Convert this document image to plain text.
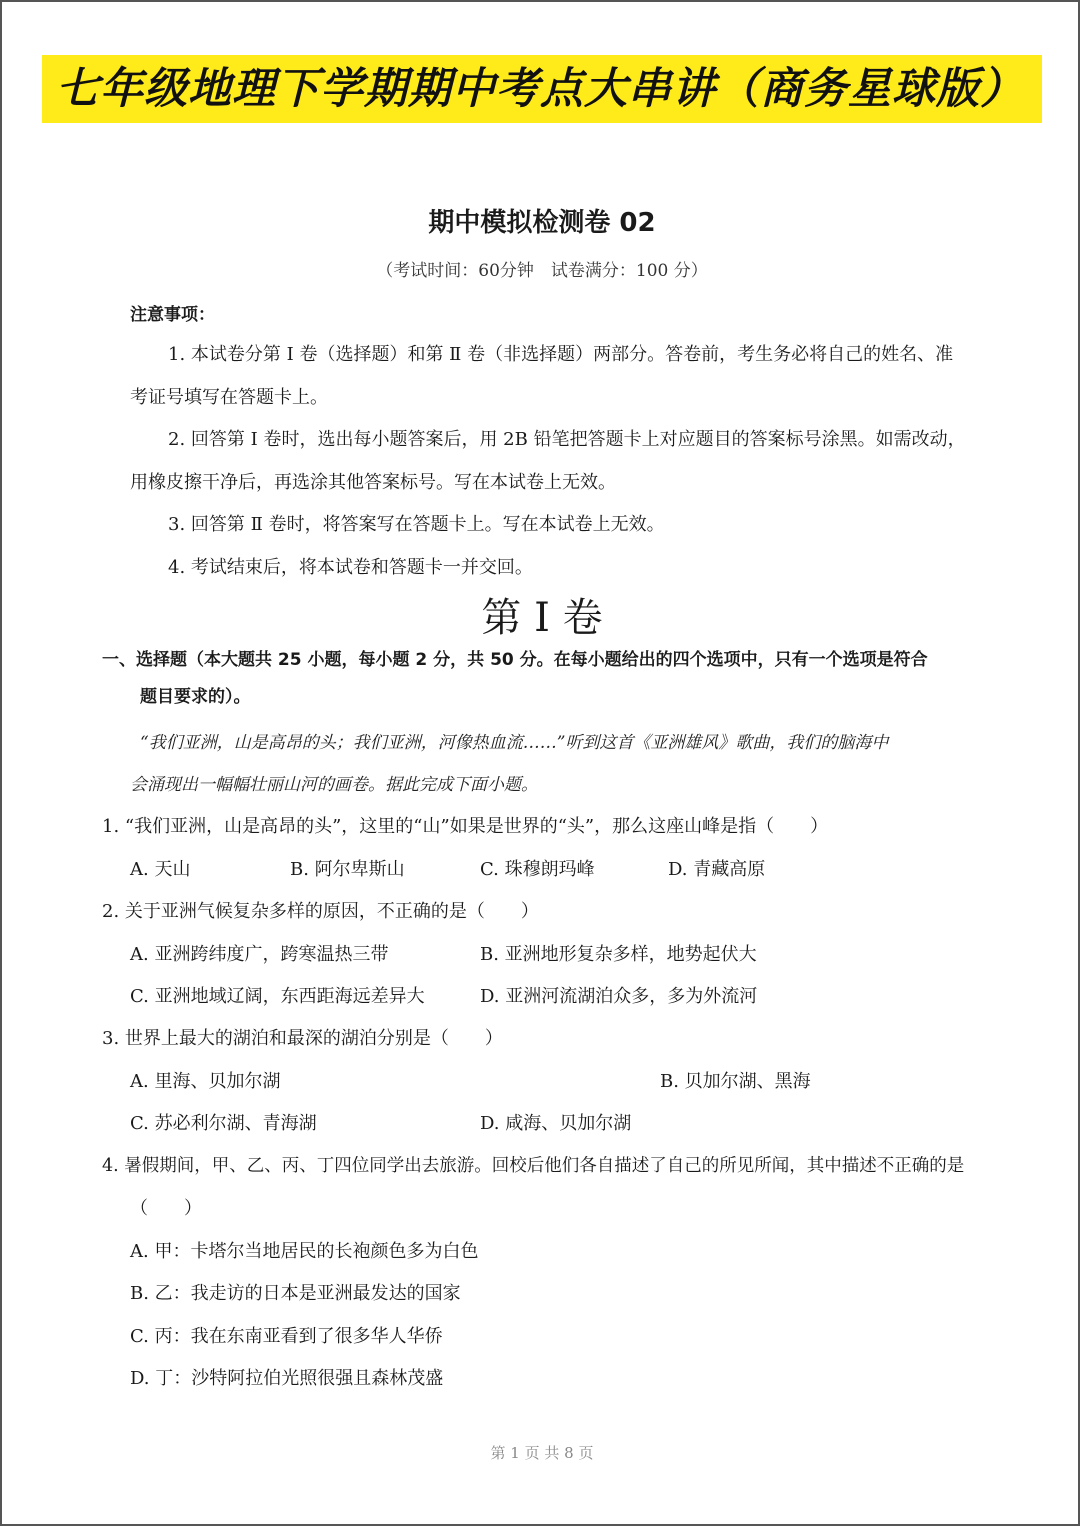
七年级地理下学期期中考点大串讲（商务星球版）
期中模拟检测卷 02
（考试时间：60分钟　试卷满分：100 分）
注意事项：
1. 本试卷分第 Ⅰ 卷（选择题）和第 Ⅱ 卷（非选择题）两部分。答卷前，考生务必将自己的姓名、准
考证号填写在答题卡上。
2. 回答第 Ⅰ 卷时，选出每小题答案后，用 2B 铅笔把答题卡上对应题目的答案标号涂黑。如需改动，
用橡皮擦干净后，再选涂其他答案标号。写在本试卷上无效。
3. 回答第 Ⅱ 卷时，将答案写在答题卡上。写在本试卷上无效。
4. 考试结束后，将本试卷和答题卡一并交回。
第 Ⅰ 卷
一、选择题（本大题共 25 小题，每小题 2 分，共 50 分。在每小题给出的四个选项中，只有一个选项是符合
题目要求的）。
“我们亚洲，山是高昂的头；我们亚洲，河像热血流……”听到这首《亚洲雄风》歌曲，我们的脑海中
会涌现出一幅幅壮丽山河的画卷。据此完成下面小题。
1. “我们亚洲，山是高昂的头”，这里的“山”如果是世界的“头”，那么这座山峰是指（　　）
A. 天山	B. 阿尔卑斯山	C. 珠穆朗玛峰	D. 青藏高原
2. 关于亚洲气候复杂多样的原因，不正确的是（　　）
A. 亚洲跨纬度广，跨寒温热三带	B. 亚洲地形复杂多样，地势起伏大
C. 亚洲地域辽阔，东西距海远差异大	D. 亚洲河流湖泊众多，多为外流河
3. 世界上最大的湖泊和最深的湖泊分别是（　　）
A. 里海、贝加尔湖	B. 贝加尔湖、黑海
C. 苏必利尔湖、青海湖	D. 咸海、贝加尔湖
4. 暑假期间，甲、乙、丙、丁四位同学出去旅游。回校后他们各自描述了自己的所见所闻，其中描述不正确的是
（　　）
A. 甲：卡塔尔当地居民的长袍颜色多为白色
B. 乙：我走访的日本是亚洲最发达的国家
C. 丙：我在东南亚看到了很多华人华侨
D. 丁：沙特阿拉伯光照很强且森林茂盛
第 1 页 共 8 页
